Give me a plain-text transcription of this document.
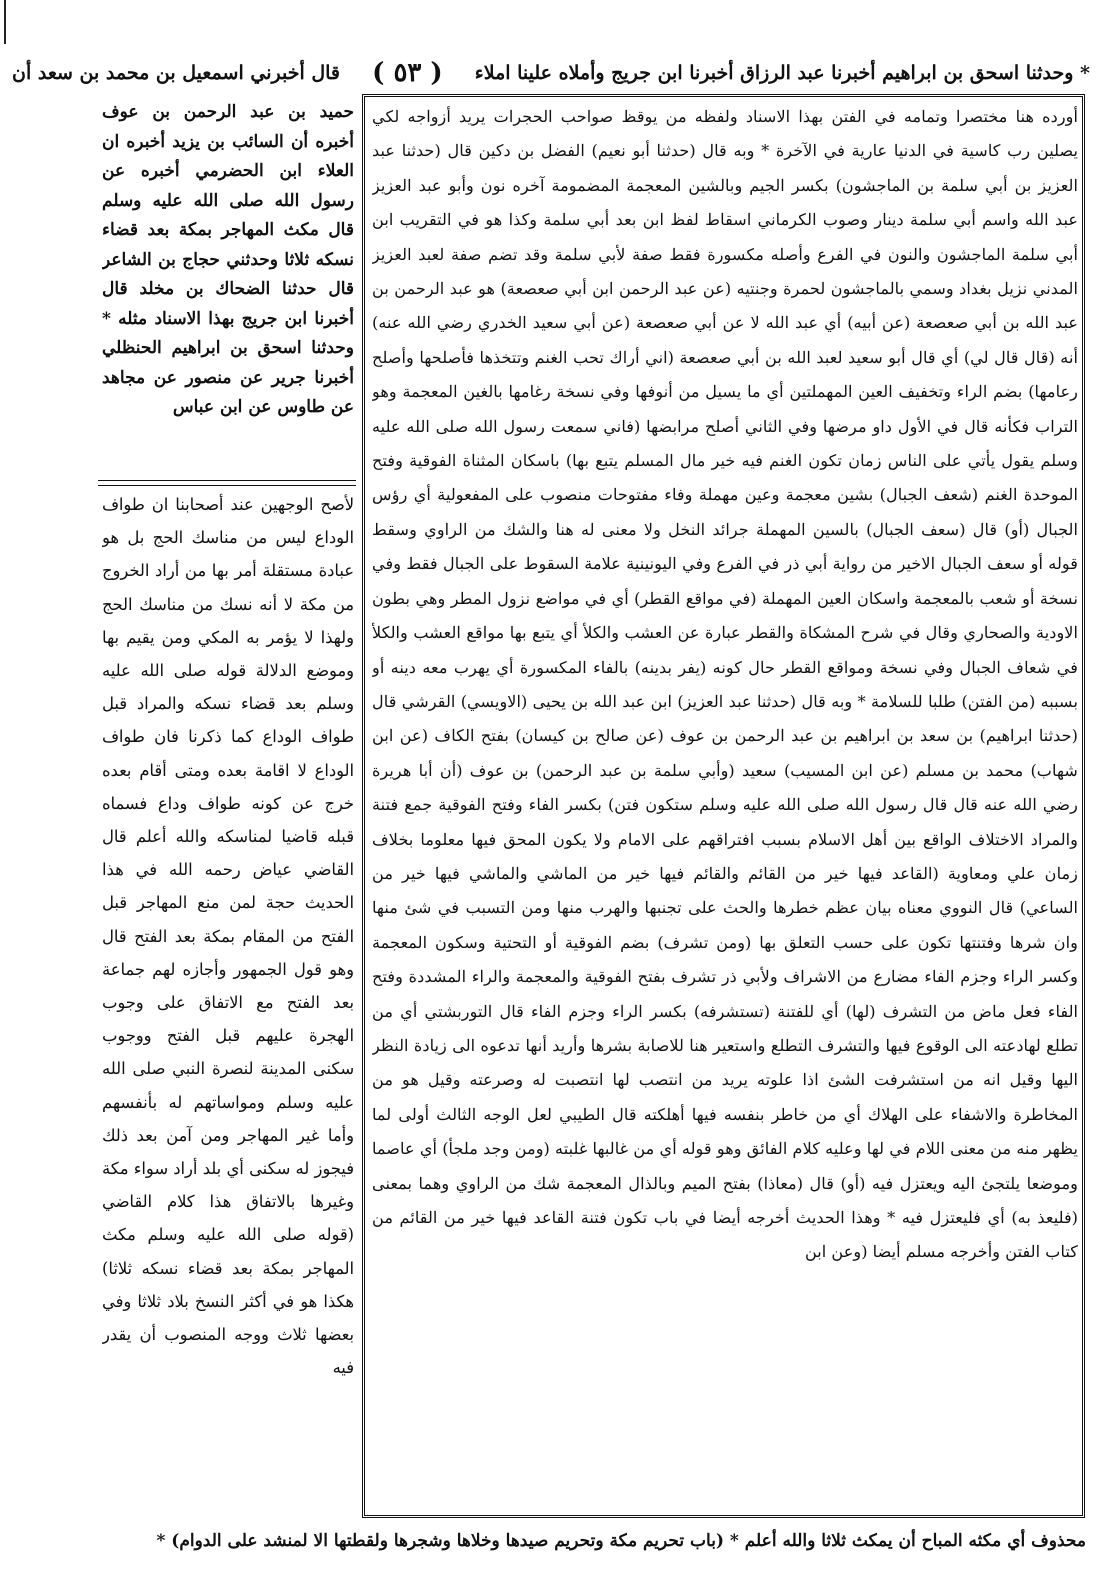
* وحدثنا اسحق بن ابراهيم أخبرنا عبد الرزاق أخبرنا ابن جريج وأملاه علينا املاء
( ٥٣ )
قال أخبرني اسمعيل بن محمد بن سعد أن
أورده هنا مختصرا وتمامه في الفتن بهذا الاسناد ولفظه من يوقظ صواحب الحجرات يريد أزواجه لكي يصلين رب كاسية في الدنيا عارية في الآخرة * وبه قال (حدثنا أبو نعيم) الفضل بن دكين قال (حدثنا عبد العزيز بن أبي سلمة بن الماجشون) بكسر الجيم وبالشين المعجمة المضمومة آخره نون وأبو عبد العزيز عبد الله واسم أبي سلمة دينار وصوب الكرماني اسقاط لفظ ابن بعد أبي سلمة وكذا هو في التقريب ابن أبي سلمة الماجشون والنون في الفرع وأصله مكسورة فقط صفة لأبي سلمة وقد تضم صفة لعبد العزيز المدني نزيل بغداد وسمي بالماجشون لحمرة وجنتيه (عن عبد الرحمن ابن أبي صعصعة) هو عبد الرحمن بن عبد الله بن أبي صعصعة (عن أبيه) أي عبد الله لا عن أبي صعصعة (عن أبي سعيد الخدري رضي الله عنه) أنه (قال قال لي) أي قال أبو سعيد لعبد الله بن أبي صعصعة (اني أراك تحب الغنم وتتخذها فأصلحها وأصلح رعامها) بضم الراء وتخفيف العين المهملتين أي ما يسيل من أنوفها وفي نسخة رغامها بالغين المعجمة وهو التراب فكأنه قال في الأول داو مرضها وفي الثاني أصلح مرابضها (فاني سمعت رسول الله صلى الله عليه وسلم يقول يأتي على الناس زمان تكون الغنم فيه خير مال المسلم يتبع بها) باسكان المثناة الفوقية وفتح الموحدة الغنم (شعف الجبال) بشين معجمة وعين مهملة وفاء مفتوحات منصوب على المفعولية أي رؤس الجبال (أو) قال (سعف الجبال) بالسين المهملة جرائد النخل ولا معنى له هنا والشك من الراوي وسقط قوله أو سعف الجبال الاخير من رواية أبي ذر في الفرع وفي اليونينية علامة السقوط على الجبال فقط وفي نسخة أو شعب بالمعجمة واسكان العين المهملة (في مواقع القطر) أي في مواضع نزول المطر وهي بطون الاودية والصحاري وقال في شرح المشكاة والقطر عبارة عن العشب والكلأ أي يتبع بها مواقع العشب والكلأ في شعاف الجبال وفي نسخة ومواقع القطر حال كونه (يفر بدينه) بالفاء المكسورة أي يهرب معه دينه أو بسببه (من الفتن) طلبا للسلامة * وبه قال (حدثنا عبد العزيز) ابن عبد الله بن يحيى (الاويسي) القرشي قال (حدثنا ابراهيم) بن سعد بن ابراهيم بن عبد الرحمن بن عوف (عن صالح بن كيسان) بفتح الكاف (عن ابن شهاب) محمد بن مسلم (عن ابن المسيب) سعيد (وأبي سلمة بن عبد الرحمن) بن عوف (أن أبا هريرة رضي الله عنه قال قال رسول الله صلى الله عليه وسلم ستكون فتن) بكسر الفاء وفتح الفوقية جمع فتنة والمراد الاختلاف الواقع بين أهل الاسلام بسبب افتراقهم على الامام ولا يكون المحق فيها معلوما بخلاف زمان علي ومعاوية (القاعد فيها خير من القائم والقائم فيها خير من الماشي والماشي فيها خير من الساعي) قال النووي معناه بيان عظم خطرها والحث على تجنبها والهرب منها ومن التسبب في شئ منها وان شرها وفتنتها تكون على حسب التعلق بها (ومن تشرف) بضم الفوقية أو التحتية وسكون المعجمة وكسر الراء وجزم الفاء مضارع من الاشراف ولأبي ذر تشرف بفتح الفوقية والمعجمة والراء المشددة وفتح الفاء فعل ماض من التشرف (لها) أي للفتنة (تستشرفه) بكسر الراء وجزم الفاء قال التوربشتي أي من تطلع لهادعته الى الوقوع فيها والتشرف التطلع واستعير هنا للاصابة بشرها وأريد أنها تدعوه الى زيادة النظر اليها وقيل انه من استشرفت الشئ اذا علوته يريد من انتصب لها انتصبت له وصرعته وقيل هو من المخاطرة والاشفاء على الهلاك أي من خاطر بنفسه فيها أهلكته قال الطيبي لعل الوجه الثالث أولى لما يظهر منه من معنى اللام في لها وعليه كلام الفائق وهو قوله أي من غالبها غلبته (ومن وجد ملجأ) أي عاصما وموضعا يلتجئ اليه ويعتزل فيه (أو) قال (معاذا) بفتح الميم وبالذال المعجمة شك من الراوي وهما بمعنى (فليعذ به) أي فليعتزل فيه * وهذا الحديث أخرجه أيضا في باب تكون فتنة القاعد فيها خير من القائم من كتاب الفتن وأخرجه مسلم أيضا (وعن ابن
حميد بن عبد الرحمن بن عوف أخبره أن السائب بن يزيد أخبره ان العلاء ابن الحضرمي أخبره عن رسول الله صلى الله عليه وسلم قال مكث المهاجر بمكة بعد قضاء نسكه ثلاثا وحدثني حجاج بن الشاعر قال حدثنا الضحاك بن مخلد قال أخبرنا ابن جريج بهذا الاسناد مثله * وحدثنا اسحق بن ابراهيم الحنظلي أخبرنا جرير عن منصور عن مجاهد عن طاوس عن ابن عباس
لأصح الوجهين عند أصحابنا ان طواف الوداع ليس من مناسك الحج بل هو عبادة مستقلة أمر بها من أراد الخروج من مكة لا أنه نسك من مناسك الحج ولهذا لا يؤمر به المكي ومن يقيم بها وموضع الدلالة قوله صلى الله عليه وسلم بعد قضاء نسكه والمراد قبل طواف الوداع كما ذكرنا فان طواف الوداع لا اقامة بعده ومتى أقام بعده خرج عن كونه طواف وداع فسماه قبله قاضيا لمناسكه والله أعلم قال القاضي عياض رحمه الله في هذا الحديث حجة لمن منع المهاجر قبل الفتح من المقام بمكة بعد الفتح قال وهو قول الجمهور وأجازه لهم جماعة بعد الفتح مع الاتفاق على وجوب الهجرة عليهم قبل الفتح ووجوب سكنى المدينة لنصرة النبي صلى الله عليه وسلم ومواساتهم له بأنفسهم وأما غير المهاجر ومن آمن بعد ذلك فيجوز له سكنى أي بلد أراد سواء مكة وغيرها بالاتفاق هذا كلام القاضي (قوله صلى الله عليه وسلم مكث المهاجر بمكة بعد قضاء نسكه ثلاثا) هكذا هو في أكثر النسخ بلاد ثلاثا وفي بعضها ثلاث ووجه المنصوب أن يقدر فيه
محذوف أي مكثه المباح أن يمكث ثلاثا والله أعلم * (باب تحريم مكة وتحريم صيدها وخلاها وشجرها ولقطتها الا لمنشد على الدوام) *
